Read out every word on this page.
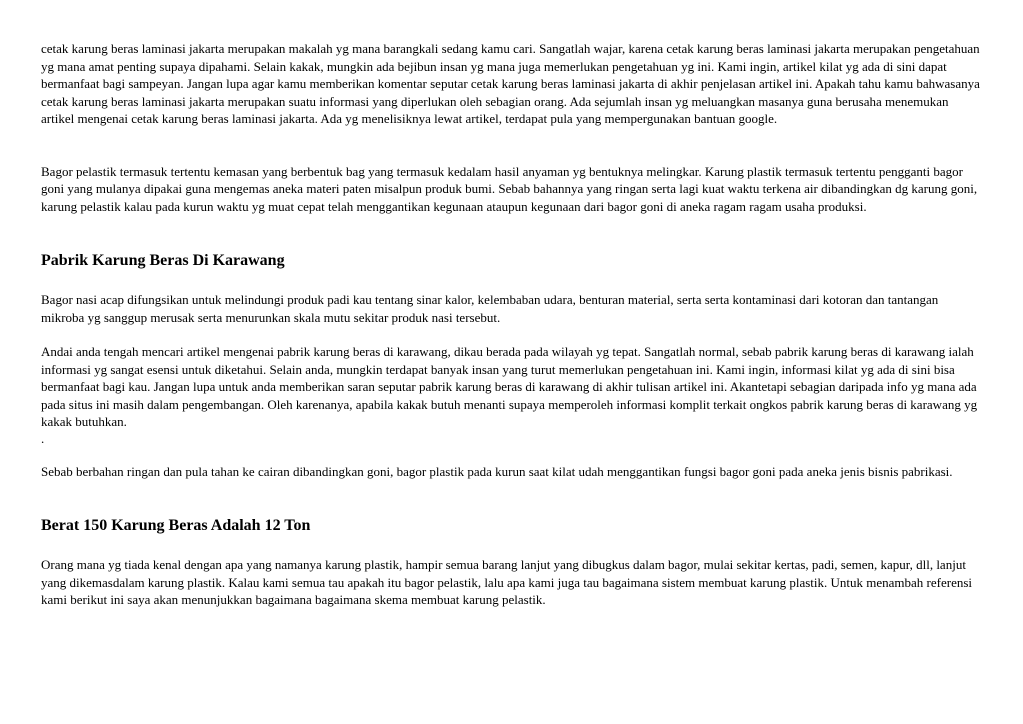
cetak karung beras laminasi jakarta merupakan makalah yg mana barangkali sedang kamu cari. Sangatlah wajar, karena cetak karung beras laminasi jakarta merupakan pengetahuan yg mana amat penting supaya dipahami. Selain kakak, mungkin ada bejibun insan yg mana juga memerlukan pengetahuan yg ini. Kami ingin, artikel kilat yg ada di sini dapat bermanfaat bagi sampeyan. Jangan lupa agar kamu memberikan komentar seputar cetak karung beras laminasi jakarta di akhir penjelasan artikel ini. Apakah tahu kamu bahwasanya cetak karung beras laminasi jakarta merupakan suatu informasi yang diperlukan oleh sebagian orang. Ada sejumlah insan yg meluangkan masanya guna berusaha menemukan artikel mengenai cetak karung beras laminasi jakarta. Ada yg menelisiknya lewat artikel, terdapat pula yang mempergunakan bantuan google.

Bagor pelastik termasuk tertentu kemasan yang berbentuk bag yang termasuk kedalam hasil anyaman yg bentuknya melingkar. Karung plastik termasuk tertentu pengganti bagor goni yang mulanya dipakai guna mengemas aneka materi paten misalpun produk bumi. Sebab bahannya yang ringan serta lagi kuat waktu terkena air dibandingkan dg karung goni, karung pelastik kalau pada kurun waktu yg muat cepat telah menggantikan kegunaan ataupun kegunaan dari bagor goni di aneka ragam ragam usaha produksi.

Pabrik Karung Beras Di Karawang

Bagor nasi acap difungsikan untuk melindungi produk padi kau tentang sinar kalor, kelembaban udara, benturan material, serta serta kontaminasi dari kotoran dan tantangan mikroba yg sanggup merusak serta menurunkan skala mutu sekitar produk nasi tersebut.

Andai anda tengah mencari artikel mengenai pabrik karung beras di karawang, dikau berada pada wilayah yg tepat. Sangatlah normal, sebab pabrik karung beras di karawang ialah informasi yg sangat esensi untuk diketahui. Selain anda, mungkin terdapat banyak insan yang turut memerlukan pengetahuan ini. Kami ingin, informasi kilat yg ada di sini bisa bermanfaat bagi kau. Jangan lupa untuk anda memberikan saran seputar pabrik karung beras di karawang di akhir tulisan artikel ini. Akantetapi sebagian daripada info yg mana ada pada situs ini masih dalam pengembangan. Oleh karenanya, apabila kakak butuh menanti supaya memperoleh informasi komplit terkait ongkos pabrik karung beras di karawang yg kakak butuhkan.

.

Sebab berbahan ringan dan pula tahan ke cairan dibandingkan goni, bagor plastik pada kurun saat kilat udah menggantikan fungsi bagor goni pada aneka jenis bisnis pabrikasi.

Berat 150 Karung Beras Adalah 12 Ton

Orang mana yg tiada kenal dengan apa yang namanya karung plastik, hampir semua barang lanjut yang dibugkus dalam bagor, mulai sekitar kertas, padi, semen, kapur, dll, lanjut yang dikemasdalam karung plastik. Kalau kami semua tau apakah itu bagor pelastik, lalu apa kami juga tau bagaimana sistem membuat karung plastik. Untuk menambah referensi kami berikut ini saya akan menunjukkan bagaimana bagaimana skema membuat karung pelastik.
